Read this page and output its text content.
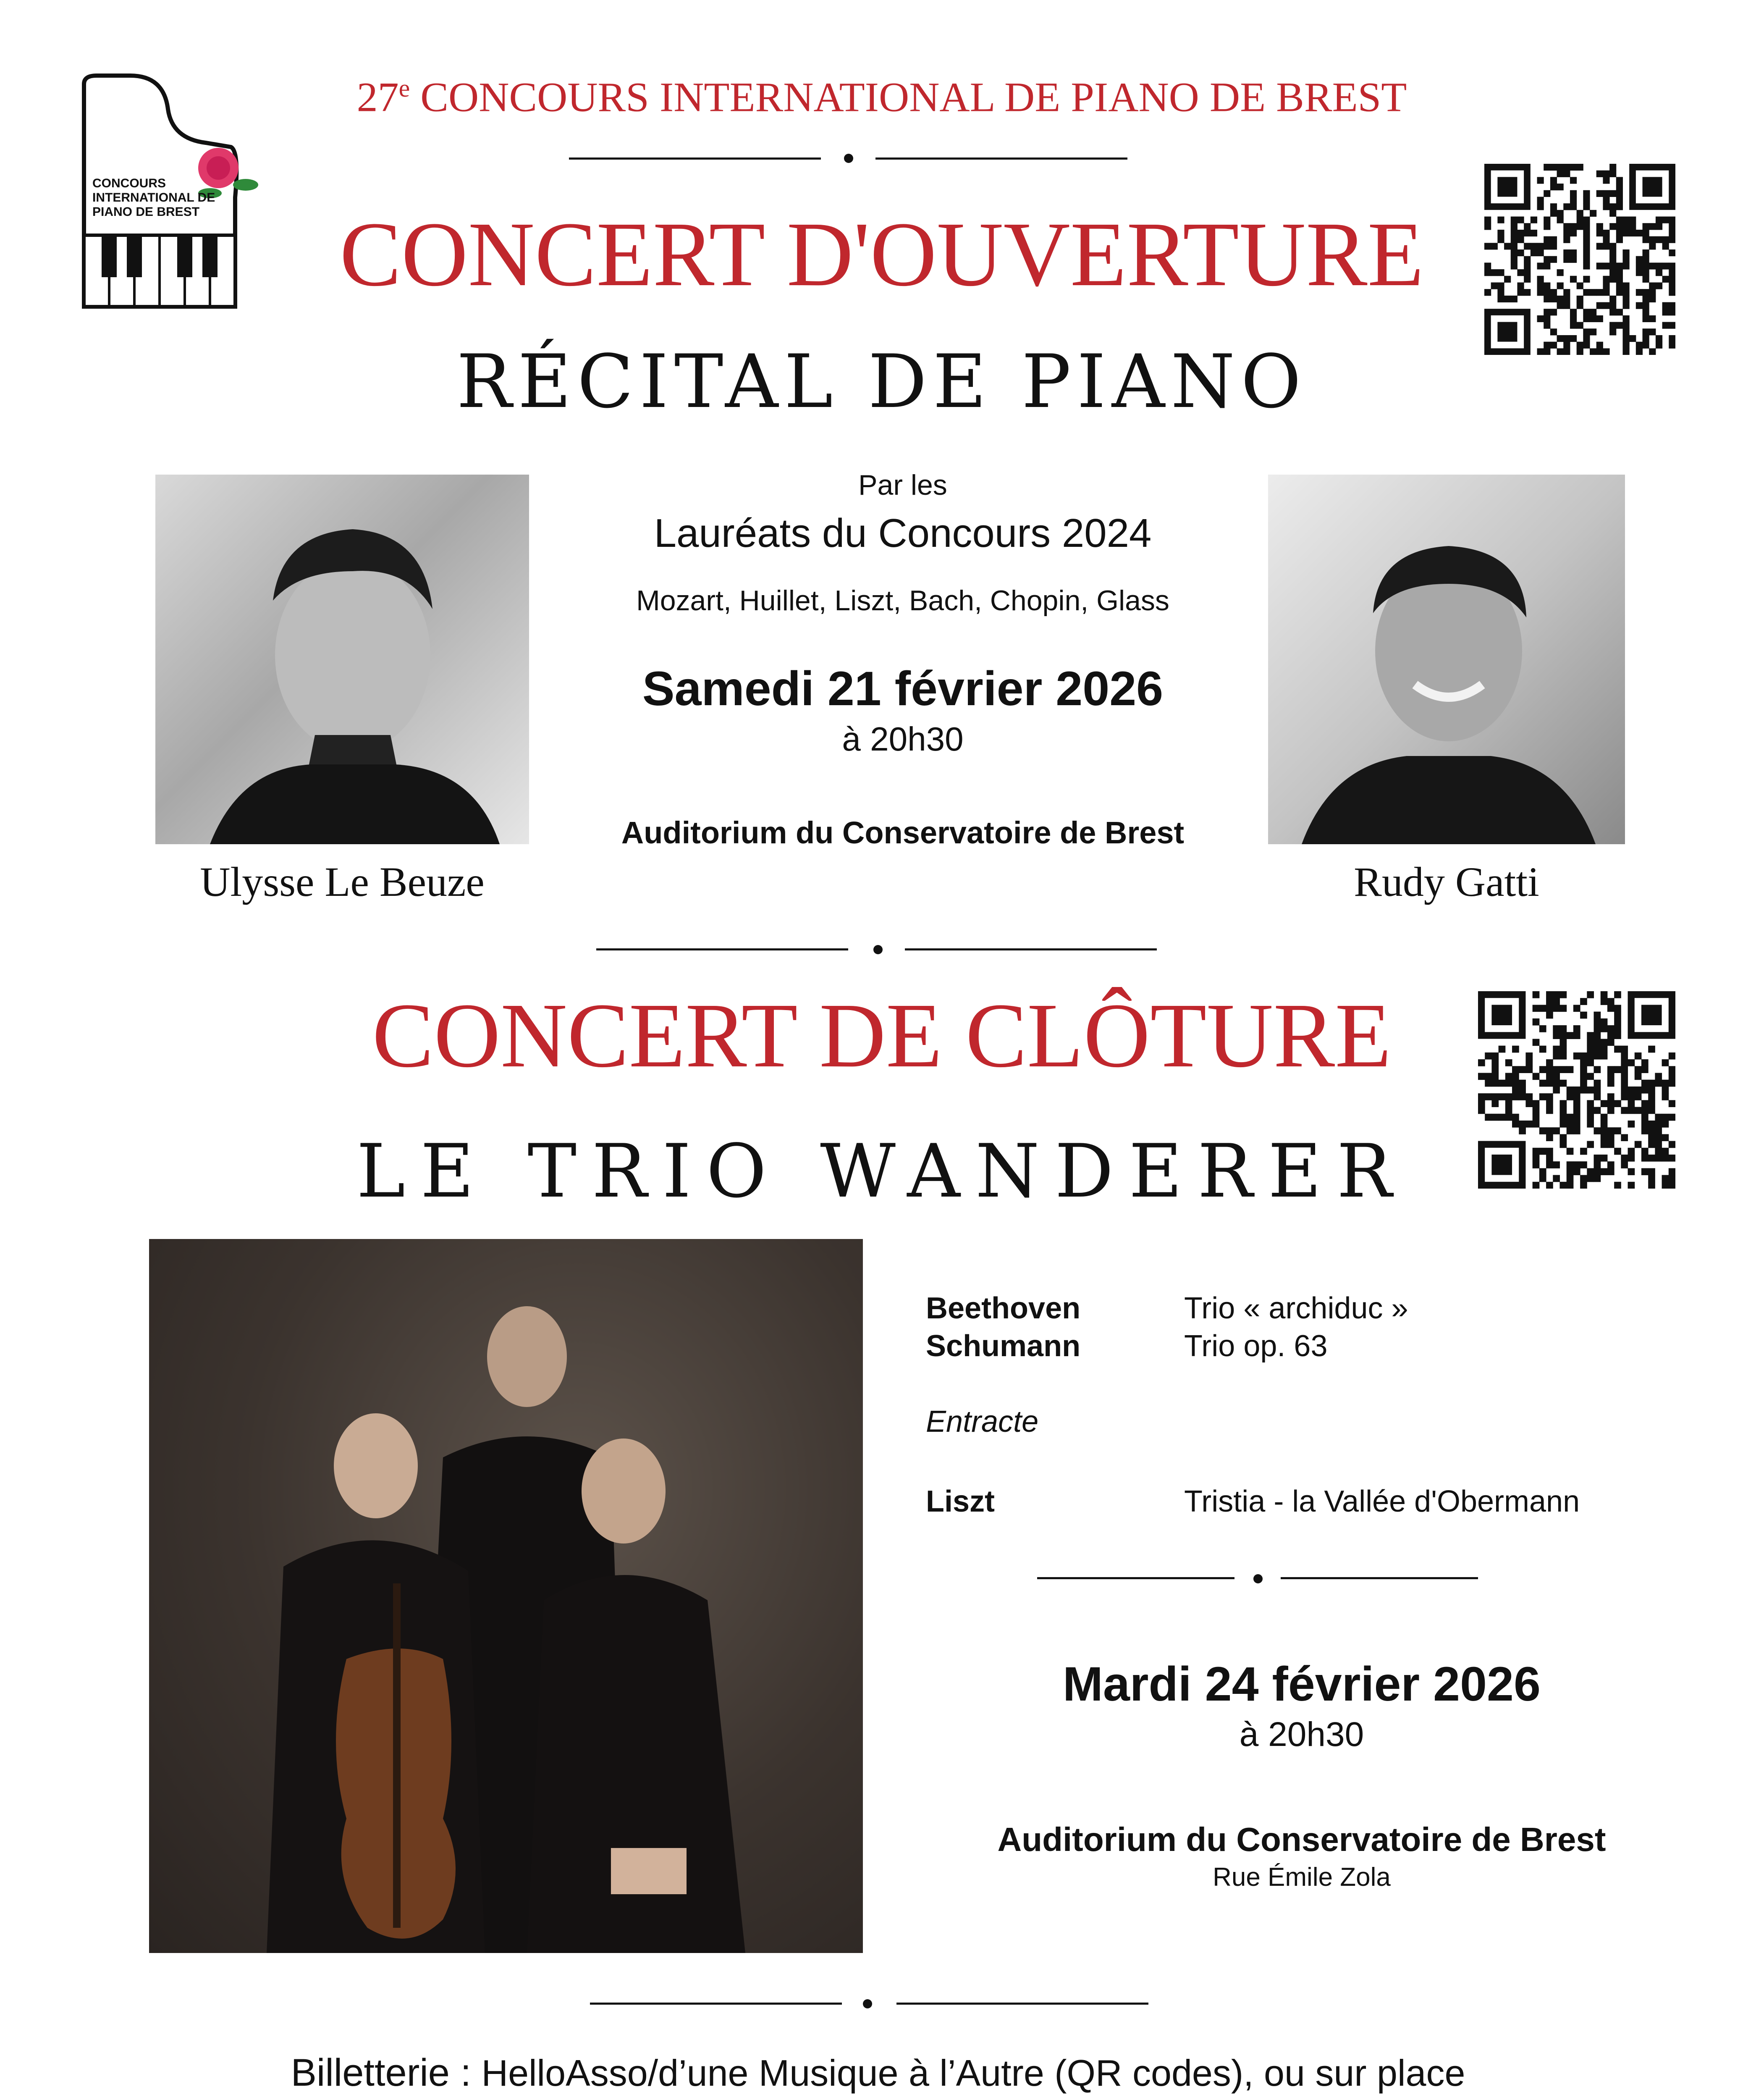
CONCOURS
INTERNATIONAL DE
PIANO DE BREST
27e CONCOURS INTERNATIONAL DE PIANO DE BREST
CONCERT D'OUVERTURE
RÉCITAL DE PIANO
Ulysse Le Beuze	Rudy Gatti
Par les
Lauréats du Concours 2024
Mozart, Huillet, Liszt, Bach, Chopin, Glass
Samedi 21 février 2026
à 20h30
Auditorium du Conservatoire de Brest
CONCERT DE CLÔTURE
LE TRIO WANDERER
Beethoven	Trio « archiduc »
Schumann	Trio op. 63
Entracte
Liszt	Tristia - la Vallée d'Obermann
Mardi 24 février 2026
à 20h30
Auditorium du Conservatoire de Brest
Rue Émile Zola
Billetterie : HelloAsso/d’une Musique à l’Autre (QR codes), ou sur place
